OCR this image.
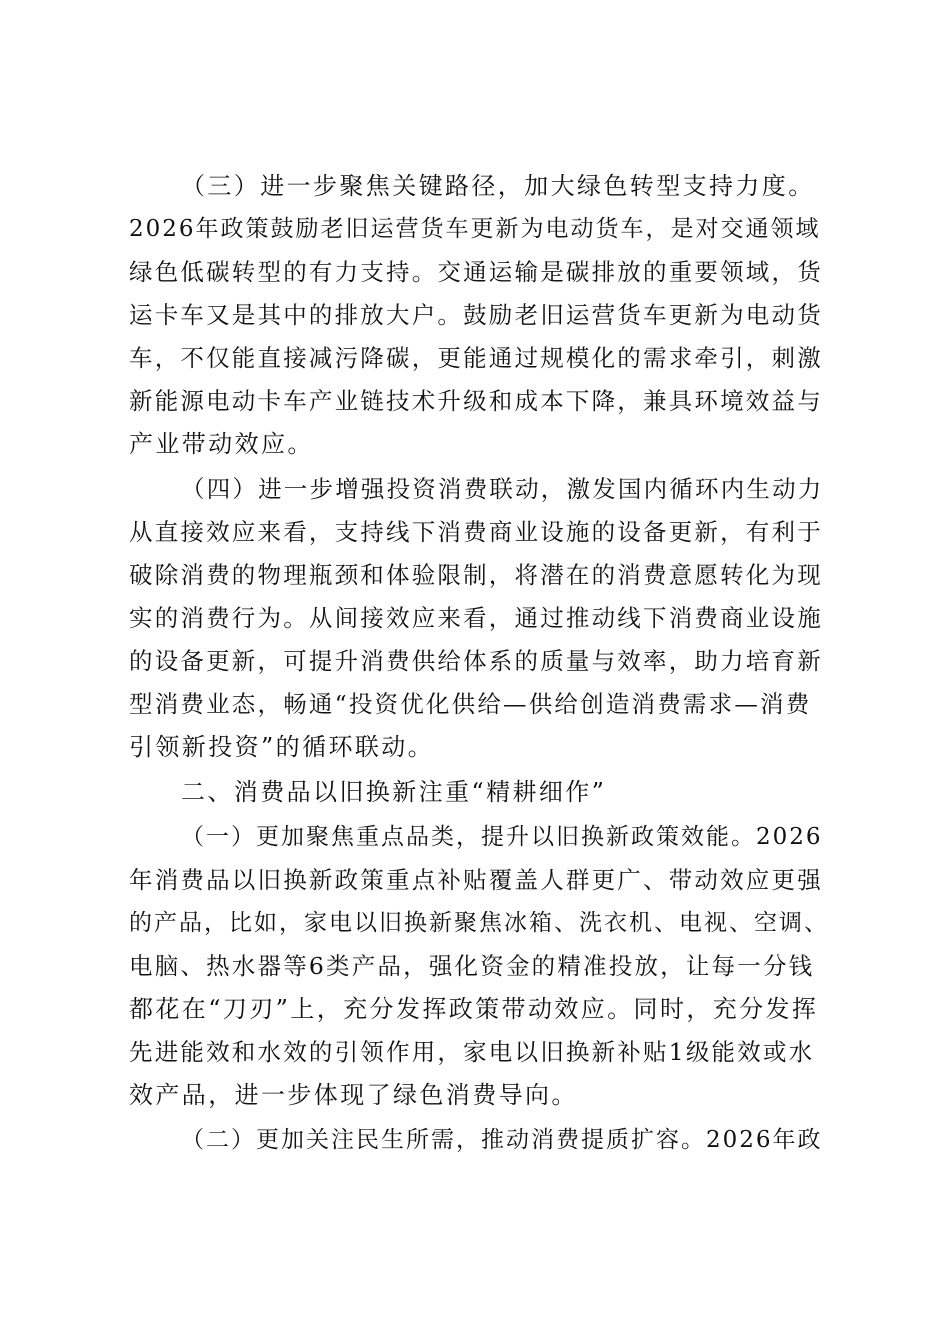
（三）进一步聚焦关键路径，加大绿色转型支持力度。
2026年政策鼓励老旧运营货车更新为电动货车，是对交通领域
绿色低碳转型的有力支持。交通运输是碳排放的重要领域，货
运卡车又是其中的排放大户。鼓励老旧运营货车更新为电动货
车，不仅能直接减污降碳，更能通过规模化的需求牵引，刺激
新能源电动卡车产业链技术升级和成本下降，兼具环境效益与
产业带动效应。
（四）进一步增强投资消费联动，激发国内循环内生动力
从直接效应来看，支持线下消费商业设施的设备更新，有利于
破除消费的物理瓶颈和体验限制，将潜在的消费意愿转化为现
实的消费行为。从间接效应来看，通过推动线下消费商业设施
的设备更新，可提升消费供给体系的质量与效率，助力培育新
型消费业态，畅通“投资优化供给—供给创造消费需求—消费
引领新投资”的循环联动。
二、消费品以旧换新注重“精耕细作”
（一）更加聚焦重点品类，提升以旧换新政策效能。2026
年消费品以旧换新政策重点补贴覆盖人群更广、带动效应更强
的产品，比如，家电以旧换新聚焦冰箱、洗衣机、电视、空调、
电脑、热水器等6类产品，强化资金的精准投放，让每一分钱
都花在“刀刃”上，充分发挥政策带动效应。同时，充分发挥
先进能效和水效的引领作用，家电以旧换新补贴1级能效或水
效产品，进一步体现了绿色消费导向。
（二）更加关注民生所需，推动消费提质扩容。2026年政
